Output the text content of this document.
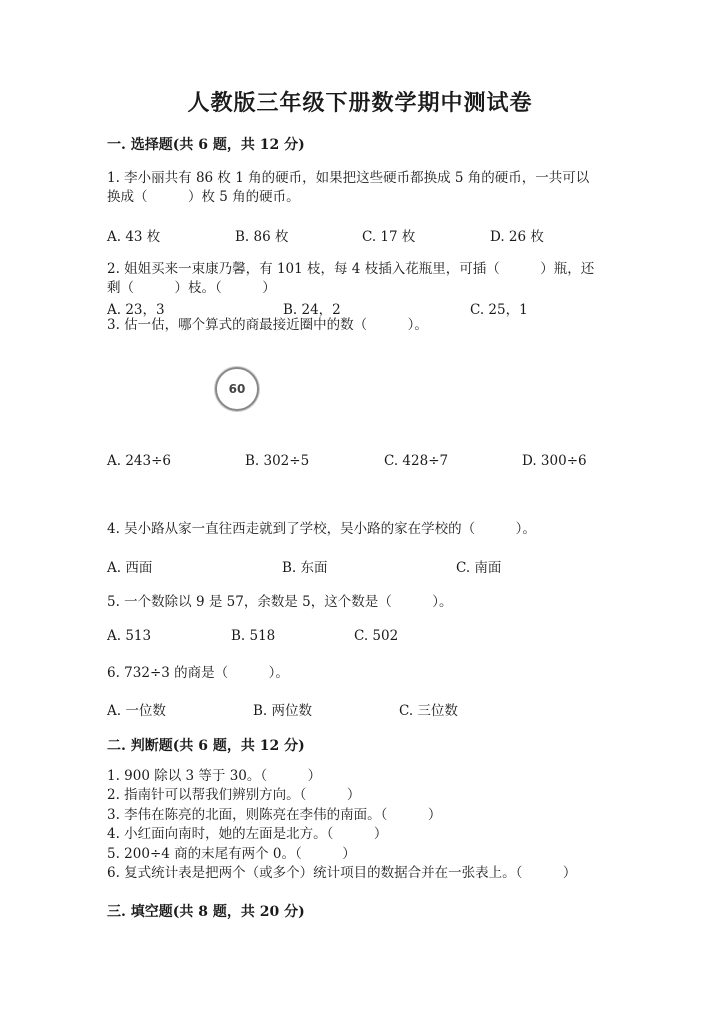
人教版三年级下册数学期中测试卷
一. 选择题(共 6 题，共 12 分)
1. 李小丽共有 86 枚 1 角的硬币，如果把这些硬币都换成 5 角的硬币，一共可以
换成（　　　）枚 5 角的硬币。
A. 43 枚	B. 86 枚	C. 17 枚	D. 26 枚
2. 姐姐买来一束康乃馨，有 101 枝，每 4 枝插入花瓶里，可插（　　　）瓶，还
剩（　　　）枝。（　　　）
A. 23，3	B. 24，2	C. 25，1
3. 估一估，哪个算式的商最接近圈中的数（　　　）。
60
A. 243÷6	B. 302÷5	C. 428÷7	D. 300÷6
4. 吴小路从家一直往西走就到了学校，吴小路的家在学校的（　　　）。
A. 西面	B. 东面	C. 南面
5. 一个数除以 9 是 57，余数是 5，这个数是（　　　）。
A. 513	B. 518	C. 502
6. 732÷3 的商是（　　　）。
A. 一位数	B. 两位数	C. 三位数
二. 判断题(共 6 题，共 12 分)
1. 900 除以 3 等于 30。（　　　）
2. 指南针可以帮我们辨别方向。（　　　）
3. 李伟在陈亮的北面，则陈亮在李伟的南面。（　　　）
4. 小红面向南时，她的左面是北方。（　　　）
5. 200÷4 商的末尾有两个 0。（　　　）
6. 复式统计表是把两个（或多个）统计项目的数据合并在一张表上。（　　　）
三. 填空题(共 8 题，共 20 分)
